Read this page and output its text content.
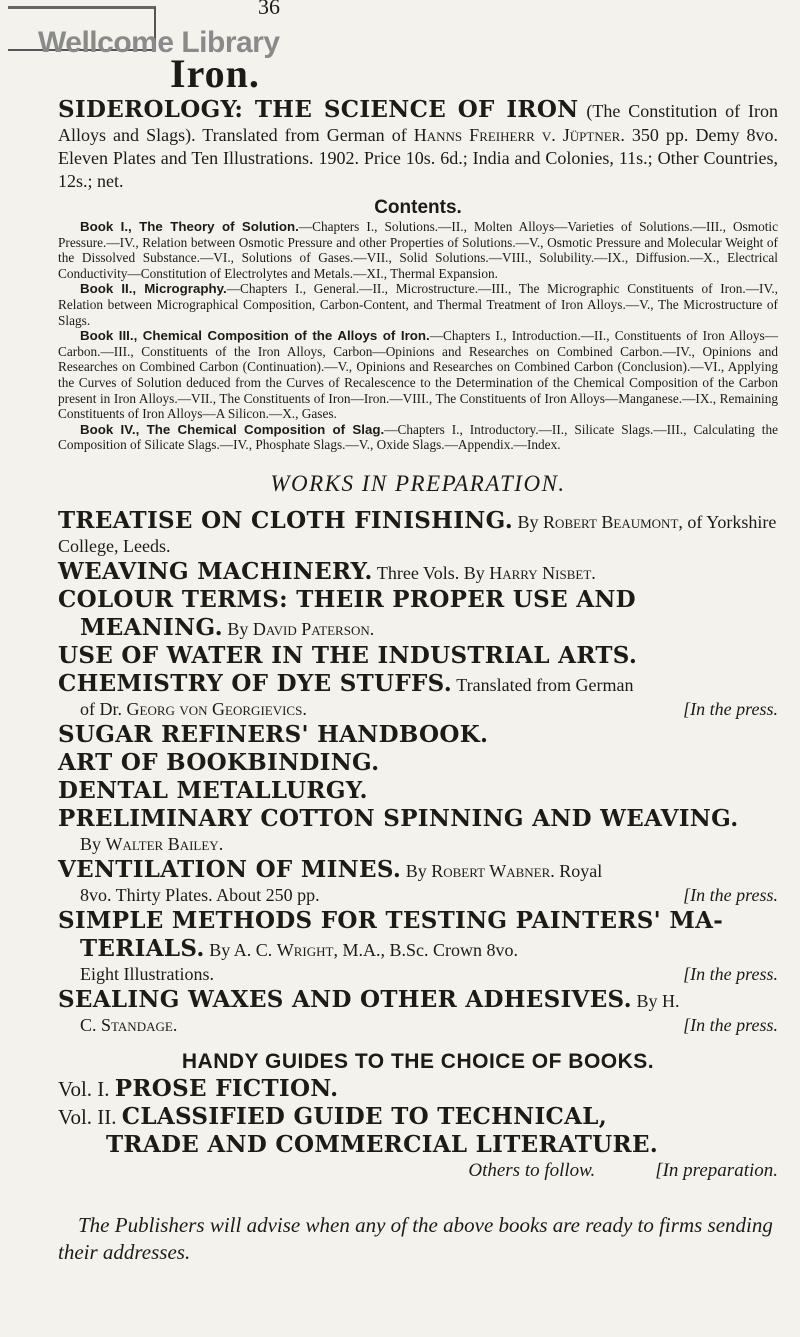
Wellcome Library
36
Iron.

SIDEROLOGY: THE SCIENCE OF IRON (The Constitution of Iron Alloys and Slags). Translated from German of Hanns Freiherr v. Jüptner. 350 pp. Demy 8vo. Eleven Plates and Ten Illustrations. 1902. Price 10s. 6d.; India and Colonies, 11s.; Other Countries, 12s.; net.

Contents.

Book I., The Theory of Solution.—Chapters I., Solutions.—II., Molten Alloys—Varieties of Solutions.—III., Osmotic Pressure.—IV., Relation between Osmotic Pressure and other Properties of Solutions.—V., Osmotic Pressure and Molecular Weight of the Dissolved Substance.—VI., Solutions of Gases.—VII., Solid Solutions.—VIII., Solubility.—IX., Diffusion.—X., Electrical Conductivity—Constitution of Electrolytes and Metals.—XI., Thermal Expansion.

Book II., Micrography.—Chapters I., General.—II., Microstructure.—III., The Micrographic Constituents of Iron.—IV., Relation between Micrographical Composition, Carbon-Content, and Thermal Treatment of Iron Alloys.—V., The Microstructure of Slags.

Book III., Chemical Composition of the Alloys of Iron.—Chapters I., Introduction.—II., Constituents of Iron Alloys—Carbon.—III., Constituents of the Iron Alloys, Carbon—Opinions and Researches on Combined Carbon.—IV., Opinions and Researches on Combined Carbon (Continuation).—V., Opinions and Researches on Combined Carbon (Conclusion).—VI., Applying the Curves of Solution deduced from the Curves of Recalescence to the Determination of the Chemical Composition of the Carbon present in Iron Alloys.—VII., The Constituents of Iron—Iron.—VIII., The Constituents of Iron Alloys—Manganese.—IX., Remaining Constituents of Iron Alloys—A Silicon.—X., Gases.

Book IV., The Chemical Composition of Slag.—Chapters I., Introductory.—II., Silicate Slags.—III., Calculating the Composition of Silicate Slags.—IV., Phosphate Slags.—V., Oxide Slags.—Appendix.—Index.

WORKS IN PREPARATION.

TREATISE ON CLOTH FINISHING. By Robert Beaumont, of Yorkshire College, Leeds.

WEAVING MACHINERY. Three Vols. By Harry Nisbet.

COLOUR TERMS: THEIR PROPER USE AND
MEANING. By David Paterson.

USE OF WATER IN THE INDUSTRIAL ARTS.

CHEMISTRY OF DYE STUFFS. Translated from German

of Dr. Georg von Georgievics.	[In the press.

SUGAR REFINERS' HANDBOOK.

ART OF BOOKBINDING.

DENTAL METALLURGY.

PRELIMINARY COTTON SPINNING AND WEAVING.

By Walter Bailey.

VENTILATION OF MINES. By Robert Wabner. Royal

8vo. Thirty Plates. About 250 pp.	[In the press.

SIMPLE METHODS FOR TESTING PAINTERS' MA-
TERIALS. By A. C. Wright, M.A., B.Sc. Crown 8vo.

Eight Illustrations.	[In the press.

SEALING WAXES AND OTHER ADHESIVES. By H.

C. Standage.	[In the press.

HANDY GUIDES TO THE CHOICE OF BOOKS.

Vol. I. PROSE FICTION.

Vol. II. CLASSIFIED GUIDE TO TECHNICAL,
TRADE AND COMMERCIAL LITERATURE.

Others to follow.	[In preparation.

The Publishers will advise when any of the above books are ready to firms sending their addresses.
